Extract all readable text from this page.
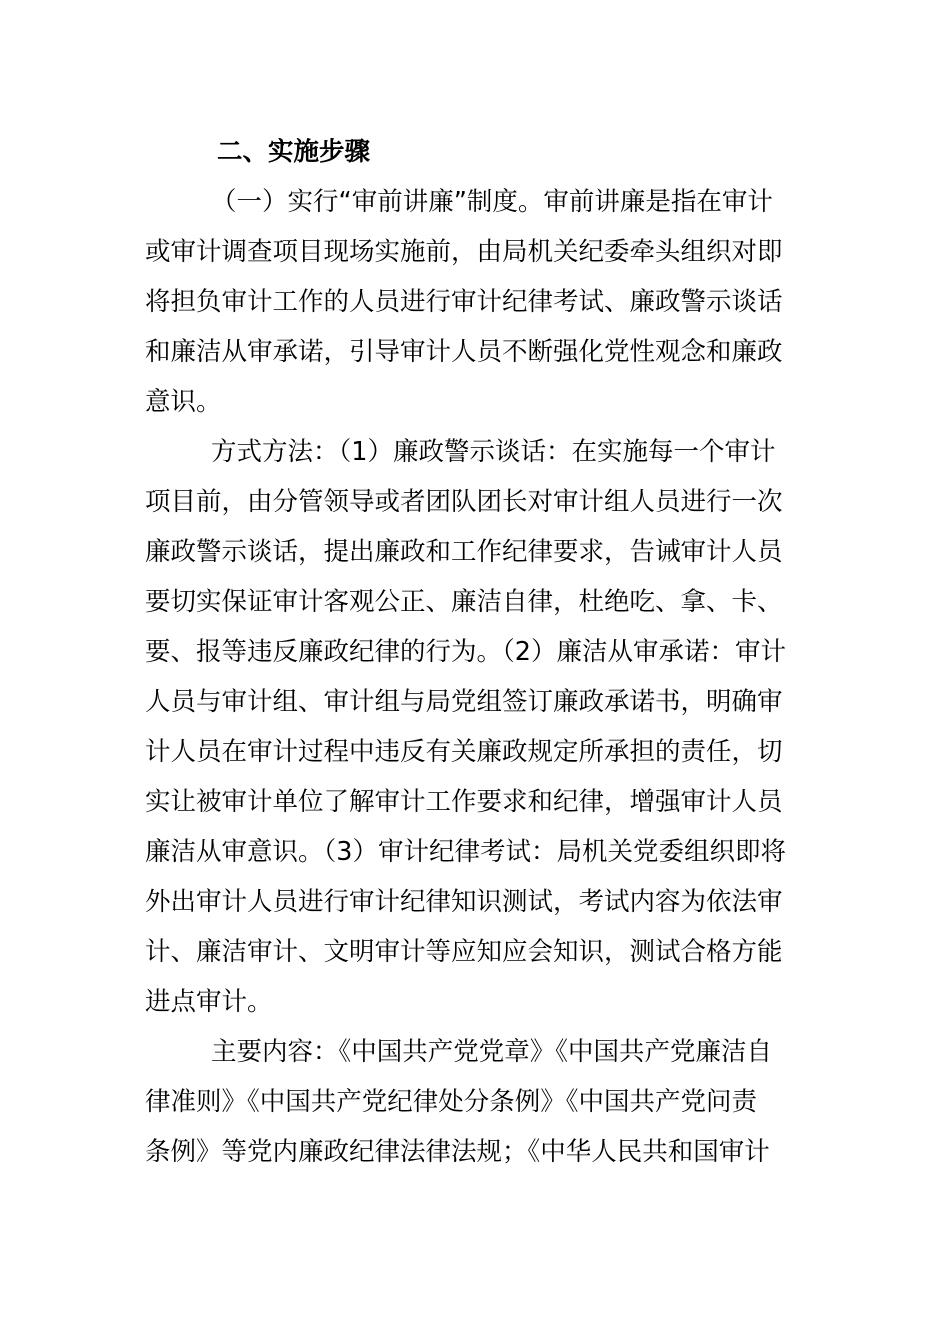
二、实施步骤

（一）实行“审前讲廉”制度。审前讲廉是指在审计
或审计调查项目现场实施前，由局机关纪委牵头组织对即
将担负审计工作的人员进行审计纪律考试、廉政警示谈话
和廉洁从审承诺，引导审计人员不断强化党性观念和廉政
意识。

方式方法：（1）廉政警示谈话：在实施每一个审计
项目前，由分管领导或者团队团长对审计组人员进行一次
廉政警示谈话，提出廉政和工作纪律要求，告诫审计人员
要切实保证审计客观公正、廉洁自律，杜绝吃、拿、卡、
要、报等违反廉政纪律的行为。（2）廉洁从审承诺：审计
人员与审计组、审计组与局党组签订廉政承诺书，明确审
计人员在审计过程中违反有关廉政规定所承担的责任，切
实让被审计单位了解审计工作要求和纪律，增强审计人员
廉洁从审意识。（3）审计纪律考试：局机关党委组织即将
外出审计人员进行审计纪律知识测试，考试内容为依法审
计、廉洁审计、文明审计等应知应会知识，测试合格方能
进点审计。

主要内容：《中国共产党党章》《中国共产党廉洁自
律准则》《中国共产党纪律处分条例》《中国共产党问责
条例》等党内廉政纪律法律法规；《中华人民共和国审计
